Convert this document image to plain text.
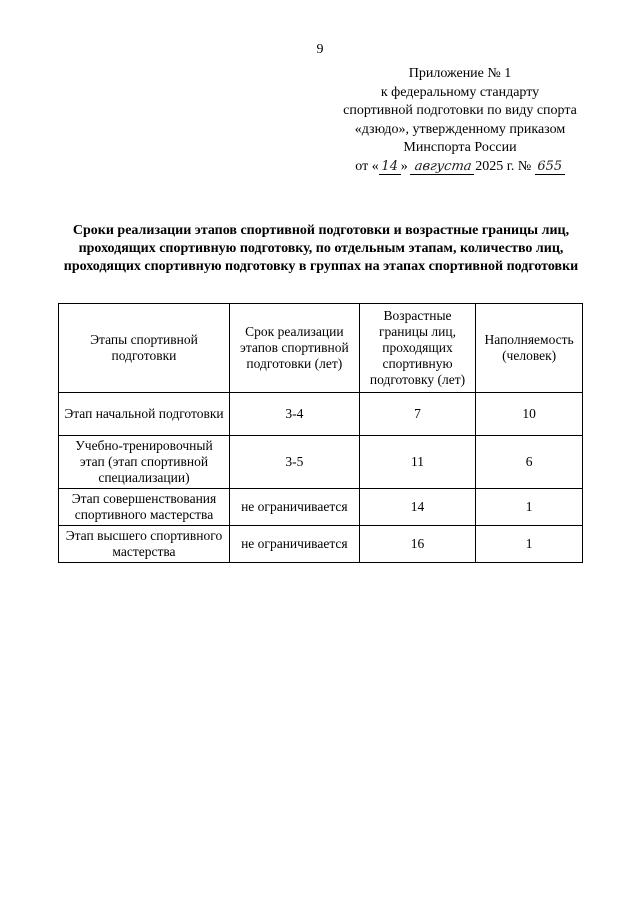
9
Приложение № 1
к федеральному стандарту
спортивной подготовки по виду спорта
«дзюдо», утвержденному приказом
Минспорта России
от « 14 » августа 2025 г. № 655
Сроки реализации этапов спортивной подготовки и возрастные границы лиц, проходящих спортивную подготовку, по отдельным этапам, количество лиц, проходящих спортивную подготовку в группах на этапах спортивной подготовки
Этапы спортивной подготовки	Срок реализации этапов спортивной подготовки (лет)	Возрастные границы лиц, проходящих спортивную подготовку (лет)	Наполняемость (человек)
Этап начальной подготовки	3-4	7	10
Учебно-тренировочный этап (этап спортивной специализации)	3-5	11	6
Этап совершенствования спортивного мастерства	не ограничивается	14	1
Этап высшего спортивного мастерства	не ограничивается	16	1
